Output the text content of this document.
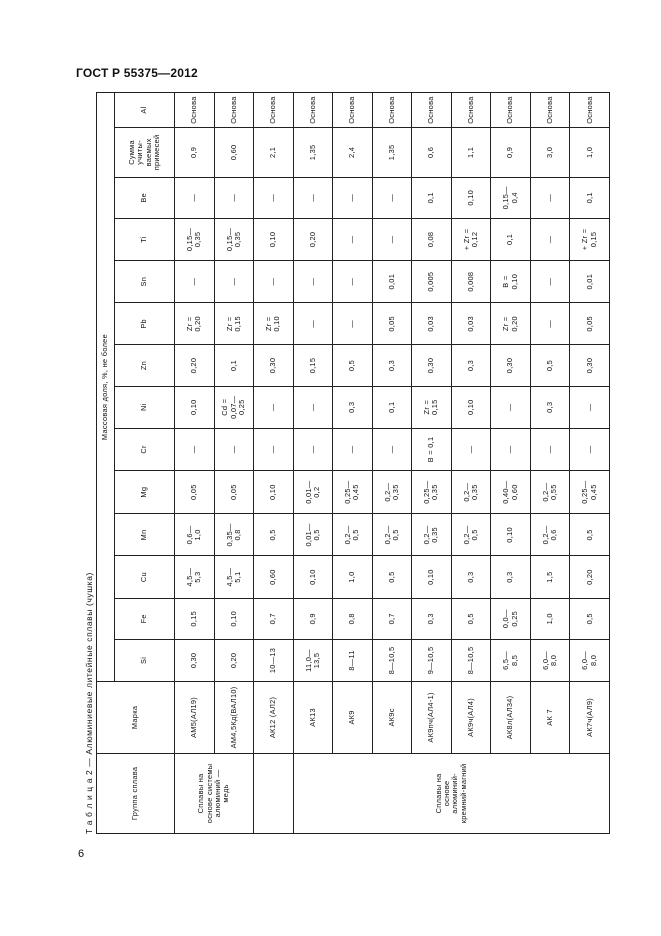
ГОСТ Р 55375—2012
Т а б л и ц а 2 — Алюминиевые литейные сплавы (чушка)	Группа сплава	Марка	Массовая доля, %, не более													
		Si	Fe	Cu	Mn	Mg	Cr	Ni	Zn	Pb	Sn	Ti	Be	Сумма
учиты-
ваемых
примесей	Al
Сплавы на
основe системы
алюминий —
медь	АМ5(АЛ19)	0,30	0,15	4,5—
5,3	0,6—
1,0	0,05	—	0,10	0,20	Zr =
0,20	—	0,15—
0,35	—	0,9	Основа
	АМ4,5Кд(ВАЛ10)	0,20	0,10	4,5—
5,1	0,35—
0,8	0,05	—	Cd =
0,07—
0,25	0,1	Zr =
0,15	—	0,15—
0,35	—	0,60	Основа
	АК12 (АЛ2)	10—13	0,7	0,60	0,5	0,10	—	—	0,30	Zr =
0,10	—	0,10	—	2,1	Основа
Сплавы на
основе
алюминий-
кремний-магний	АК13	11,0—
13,5	0,9	0,10	0,01—
0,5	0,01—
0,2	—	—	0,15	—	—	0,20	—	1,35	Основа
	АК9	8—11	0,8	1,0	0,2—
0,5	0,25—
0,45	—	0,3	0,5	—	—	—	—	2,4	Основа
	АК9с	8—10,5	0,7	0,5	0,2—
0,5	0,2—
0,35	—	0,1	0,3	0,05	0,01	—	—	1,35	Основа
	АК9пч(АЛ4-1)	9—10,5	0,3	0,10	0,2—
0,35	0,25—
0,35	B = 0,1	Zr =
0,15	0,30	0,03	0,005	0,08	0,1	0,6	Основа
	АК9ч(АЛ4)	8—10,5	0,5	0,3	0,2—
0,5	0,2—
0,35	—	0,10	0,3	0,03	0,008	+ Zr =
0,12	0,10	1,1	Основа
	АК8л(АЛ34)	6,5—
8,5	0,0—
0,25	0,3	0,10	0,40—
0,60	—	—	0,30	Zr =
0,20	B =
0,10	0,1	0,15—
0,4	0,9	Основа
	АК 7	6,0—
8,0	1,0	1,5	0,2—
0,6	0,2—
0,55	—	0,3	0,5	—	—	—	—	3,0	Основа
	АК7ч(АЛ9)	6,0—
8,0	0,5	0,20	0,5	0,25—
0,45	—	—	0,30	0,05	0,01	+ Zr =
0,15	0,1	1,0	Основа
6
